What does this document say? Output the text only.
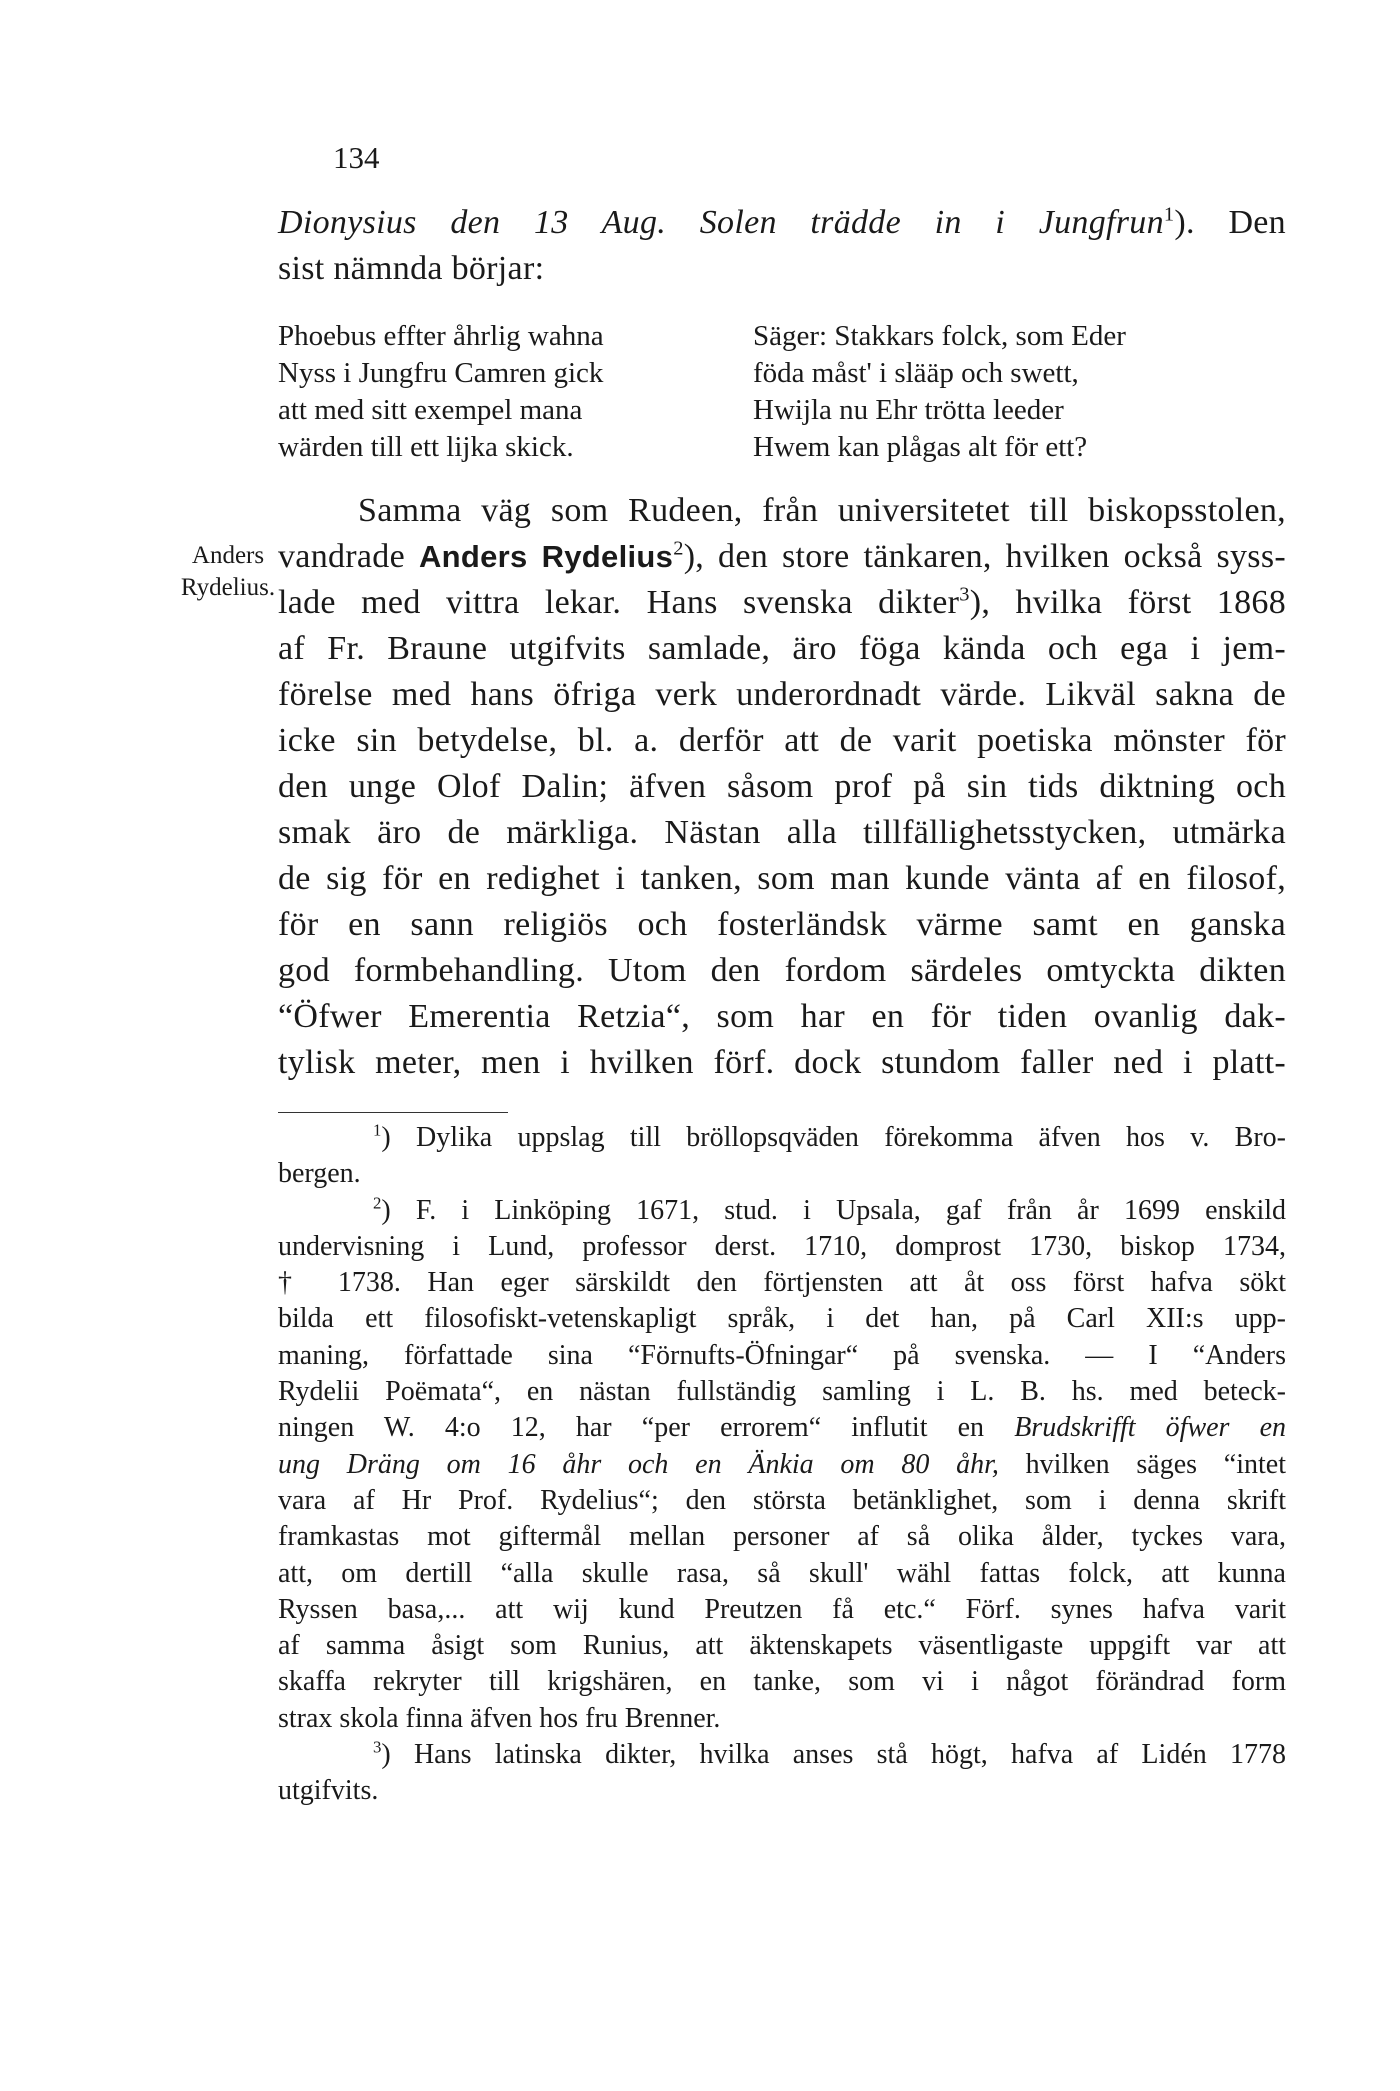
134
Dionysius den 13 Aug. Solen trädde in i Jungfrun$^1$). Den
sist nämnda börjar:
Phoebus effter åhrlig wahna
Nyss i Jungfru Camren gick
att med sitt exempel mana
wärden till ett lijka skick.
Säger: Stakkars folck, som Eder
föda måst' i slääp och swett,
Hwijla nu Ehr trötta leeder
Hwem kan plågas alt för ett?
Anders
Rydelius.
Samma väg som Rudeen, från universitetet till biskopsstolen,
vandrade Anders Rydelius$^2$), den store tänkaren, hvilken också syss-
lade med vittra lekar. Hans svenska dikter$^3$), hvilka först 1868
af Fr. Braune utgifvits samlade, äro föga kända och ega i jem-
förelse med hans öfriga verk underordnadt värde. Likväl sakna de
icke sin betydelse, bl. a. derför att de varit poetiska mönster för
den unge Olof Dalin; äfven såsom prof på sin tids diktning och
smak äro de märkliga. Nästan alla tillfällighetsstycken, utmärka
de sig för en redighet i tanken, som man kunde vänta af en filosof,
för en sann religiös och fosterländsk värme samt en ganska
god formbehandling. Utom den fordom särdeles omtyckta dikten
“Öfwer Emerentia Retzia“, som har en för tiden ovanlig dak-
tylisk meter, men i hvilken förf. dock stundom faller ned i platt-
$^1$) Dylika uppslag till bröllopsqväden förekomma äfven hos v. Bro-
bergen.
$^2$) F. i Linköping 1671, stud. i Upsala, gaf från år 1699 enskild
undervisning i Lund, professor derst. 1710, domprost 1730, biskop 1734,
† 1738. Han eger särskildt den förtjensten att åt oss först hafva sökt
bilda ett filosofiskt-vetenskapligt språk, i det han, på Carl XII:s upp-
maning, författade sina “Förnufts-Öfningar“ på svenska. — I “Anders
Rydelii Poëmata“, en nästan fullständig samling i L. B. hs. med beteck-
ningen W. 4:o 12, har “per errorem“ influtit en Brudskrifft öfwer en
ung Dräng om 16 åhr och en Änkia om 80 åhr, hvilken säges “intet
vara af Hr Prof. Rydelius“; den största betänklighet, som i denna skrift
framkastas mot giftermål mellan personer af så olika ålder, tyckes vara,
att, om dertill “alla skulle rasa, så skull' wähl fattas folck, att kunna
Ryssen basa,... att wij kund Preutzen få etc.“ Förf. synes hafva varit
af samma åsigt som Runius, att äktenskapets väsentligaste uppgift var att
skaffa rekryter till krigshären, en tanke, som vi i något förändrad form
strax skola finna äfven hos fru Brenner.
$^3$) Hans latinska dikter, hvilka anses stå högt, hafva af Lidén 1778
utgifvits.
